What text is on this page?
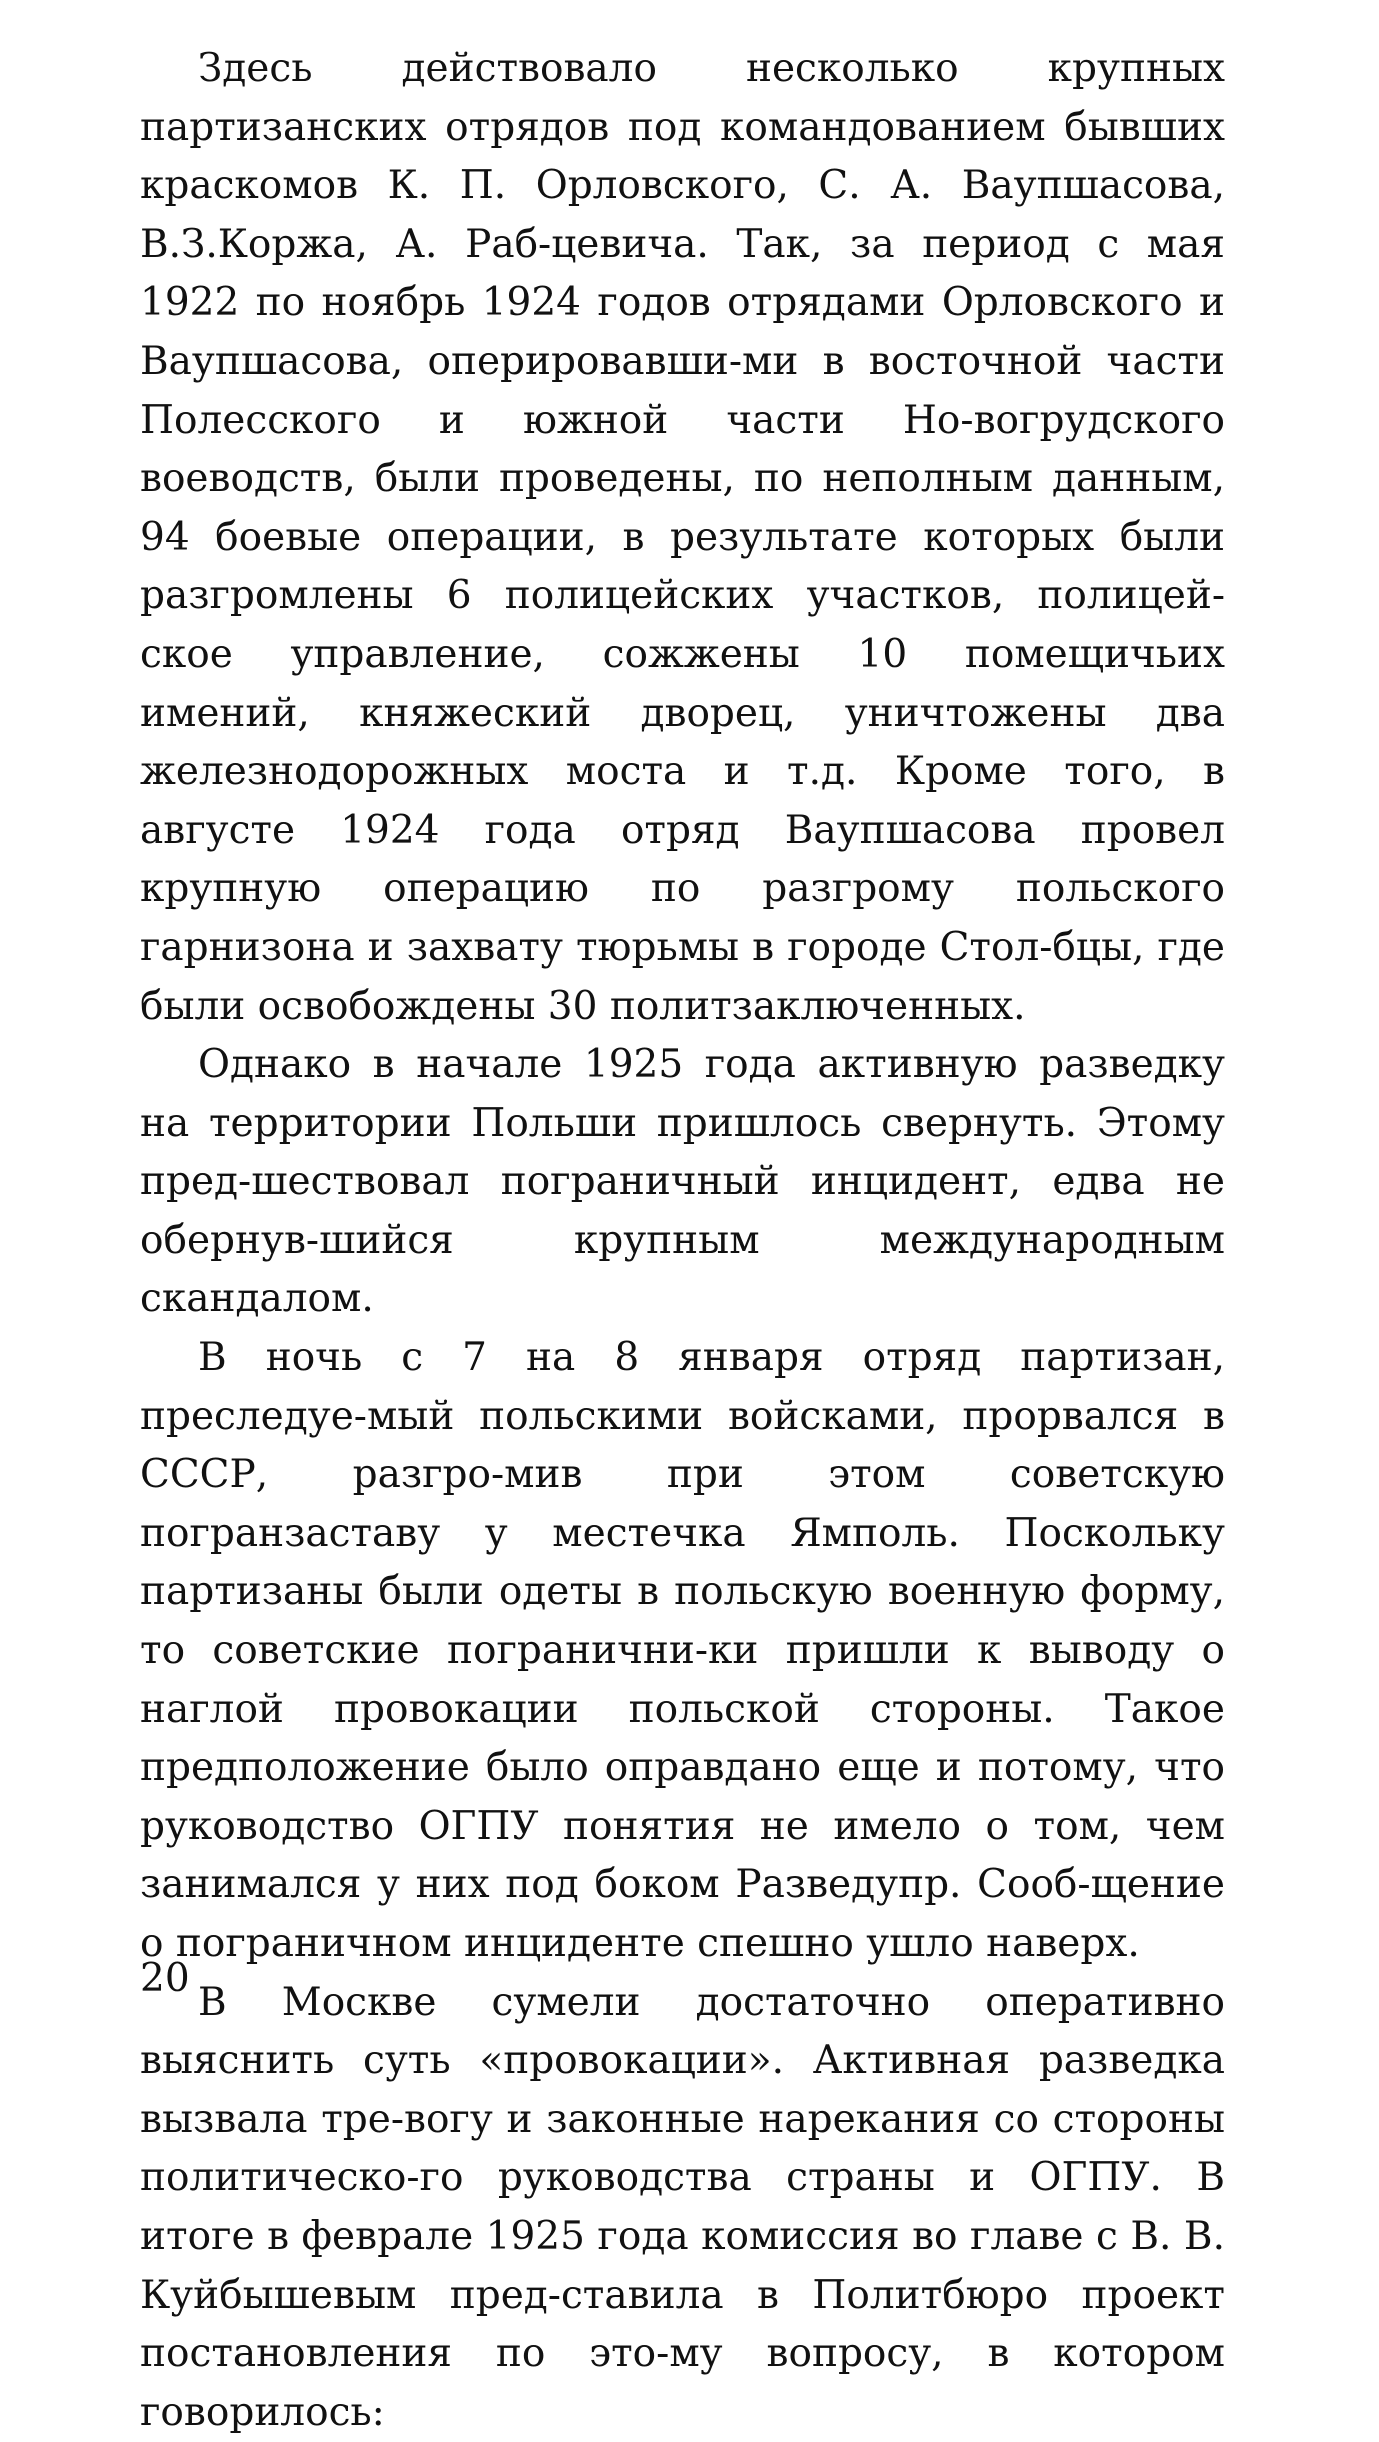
Здесь действовало несколько крупных партизанских отрядов под командованием бывших краскомов К. П. Орловского, С. А. Ваупшасова, В.З.Коржа, А. Раб-цевича. Так, за период с мая 1922 по ноябрь 1924 годов отрядами Орловского и Ваупшасова, оперировавши-ми в восточной части Полесского и южной части Но-вогрудского воеводств, были проведены, по неполным данным, 94 боевые операции, в результате которых были разгромлены 6 полицейских участков, полицей-ское управление, сожжены 10 помещичьих имений, княжеский дворец, уничтожены два железнодорожных моста и т.д. Кроме того, в августе 1924 года отряд Ваупшасова провел крупную операцию по разгрому польского гарнизона и захвату тюрьмы в городе Стол-бцы, где были освобождены 30 политзаключенных.

Однако в начале 1925 года активную разведку на территории Польши пришлось свернуть. Этому пред-шествовал пограничный инцидент, едва не обернув-шийся крупным международным скандалом.

В ночь с 7 на 8 января отряд партизан, преследуе-мый польскими войсками, прорвался в СССР, разгро-мив при этом советскую погранзаставу у местечка Ямполь. Поскольку партизаны были одеты в польскую военную форму, то советские погранични-ки пришли к выводу о наглой провокации польской стороны. Такое предположение было оправдано еще и потому, что руководство ОГПУ понятия не имело о том, чем занимался у них под боком Разведупр. Сооб-щение о пограничном инциденте спешно ушло наверх.

В Москве сумели достаточно оперативно выяснить суть «провокации». Активная разведка вызвала тре-вогу и законные нарекания со стороны политическо-го руководства страны и ОГПУ. В итоге в феврале 1925 года комиссия во главе с В. В. Куйбышевым пред-ставила в Политбюро проект постановления по это-му вопросу, в котором говорилось:

20
